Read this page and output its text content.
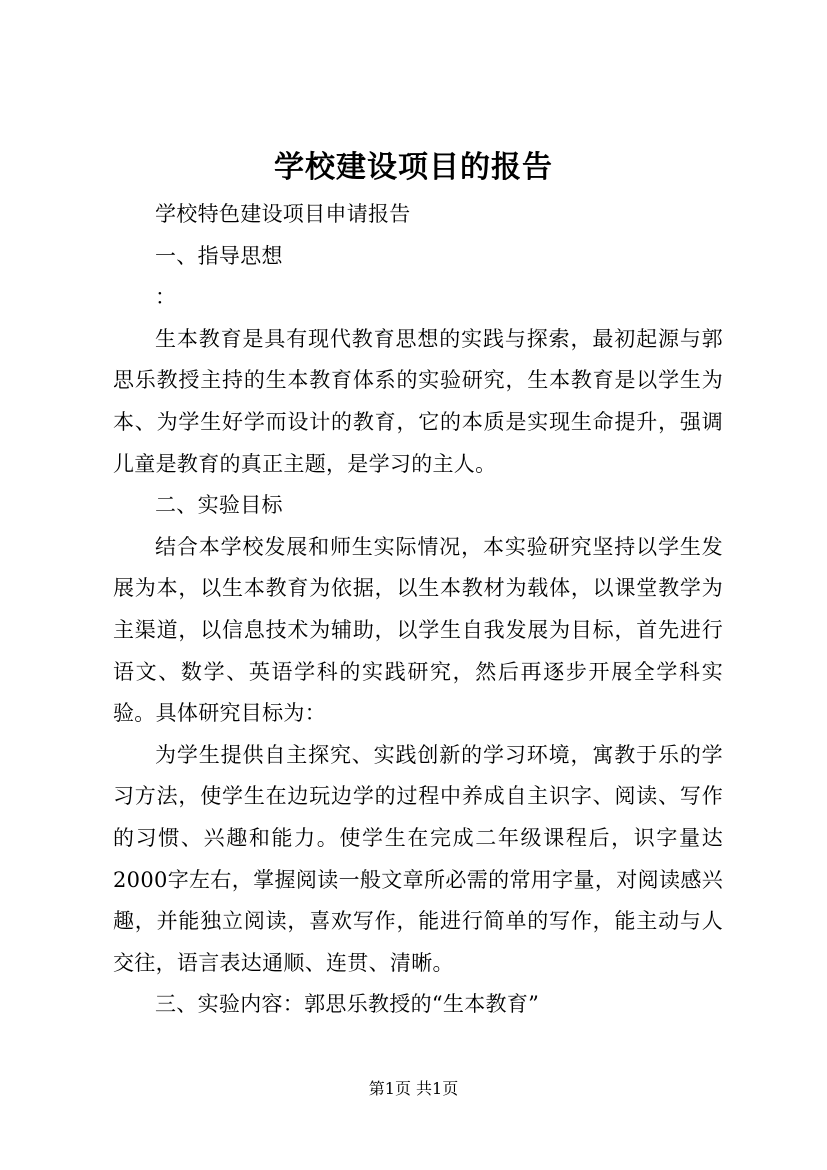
学校建设项目的报告

学校特色建设项目申请报告

一、指导思想

：

生本教育是具有现代教育思想的实践与探索，最初起源与郭思乐教授主持的生本教育体系的实验研究，生本教育是以学生为本、为学生好学而设计的教育，它的本质是实现生命提升，强调儿童是教育的真正主题，是学习的主人。

二、实验目标

结合本学校发展和师生实际情况，本实验研究坚持以学生发展为本，以生本教育为依据，以生本教材为载体，以课堂教学为主渠道，以信息技术为辅助，以学生自我发展为目标，首先进行语文、数学、英语学科的实践研究，然后再逐步开展全学科实验。具体研究目标为：

为学生提供自主探究、实践创新的学习环境，寓教于乐的学习方法，使学生在边玩边学的过程中养成自主识字、阅读、写作的习惯、兴趣和能力。使学生在完成二年级课程后，识字量达2000字左右，掌握阅读一般文章所必需的常用字量，对阅读感兴趣，并能独立阅读，喜欢写作，能进行简单的写作，能主动与人交往，语言表达通顺、连贯、清晰。

三、实验内容：郭思乐教授的“生本教育”

第1页 共1页
